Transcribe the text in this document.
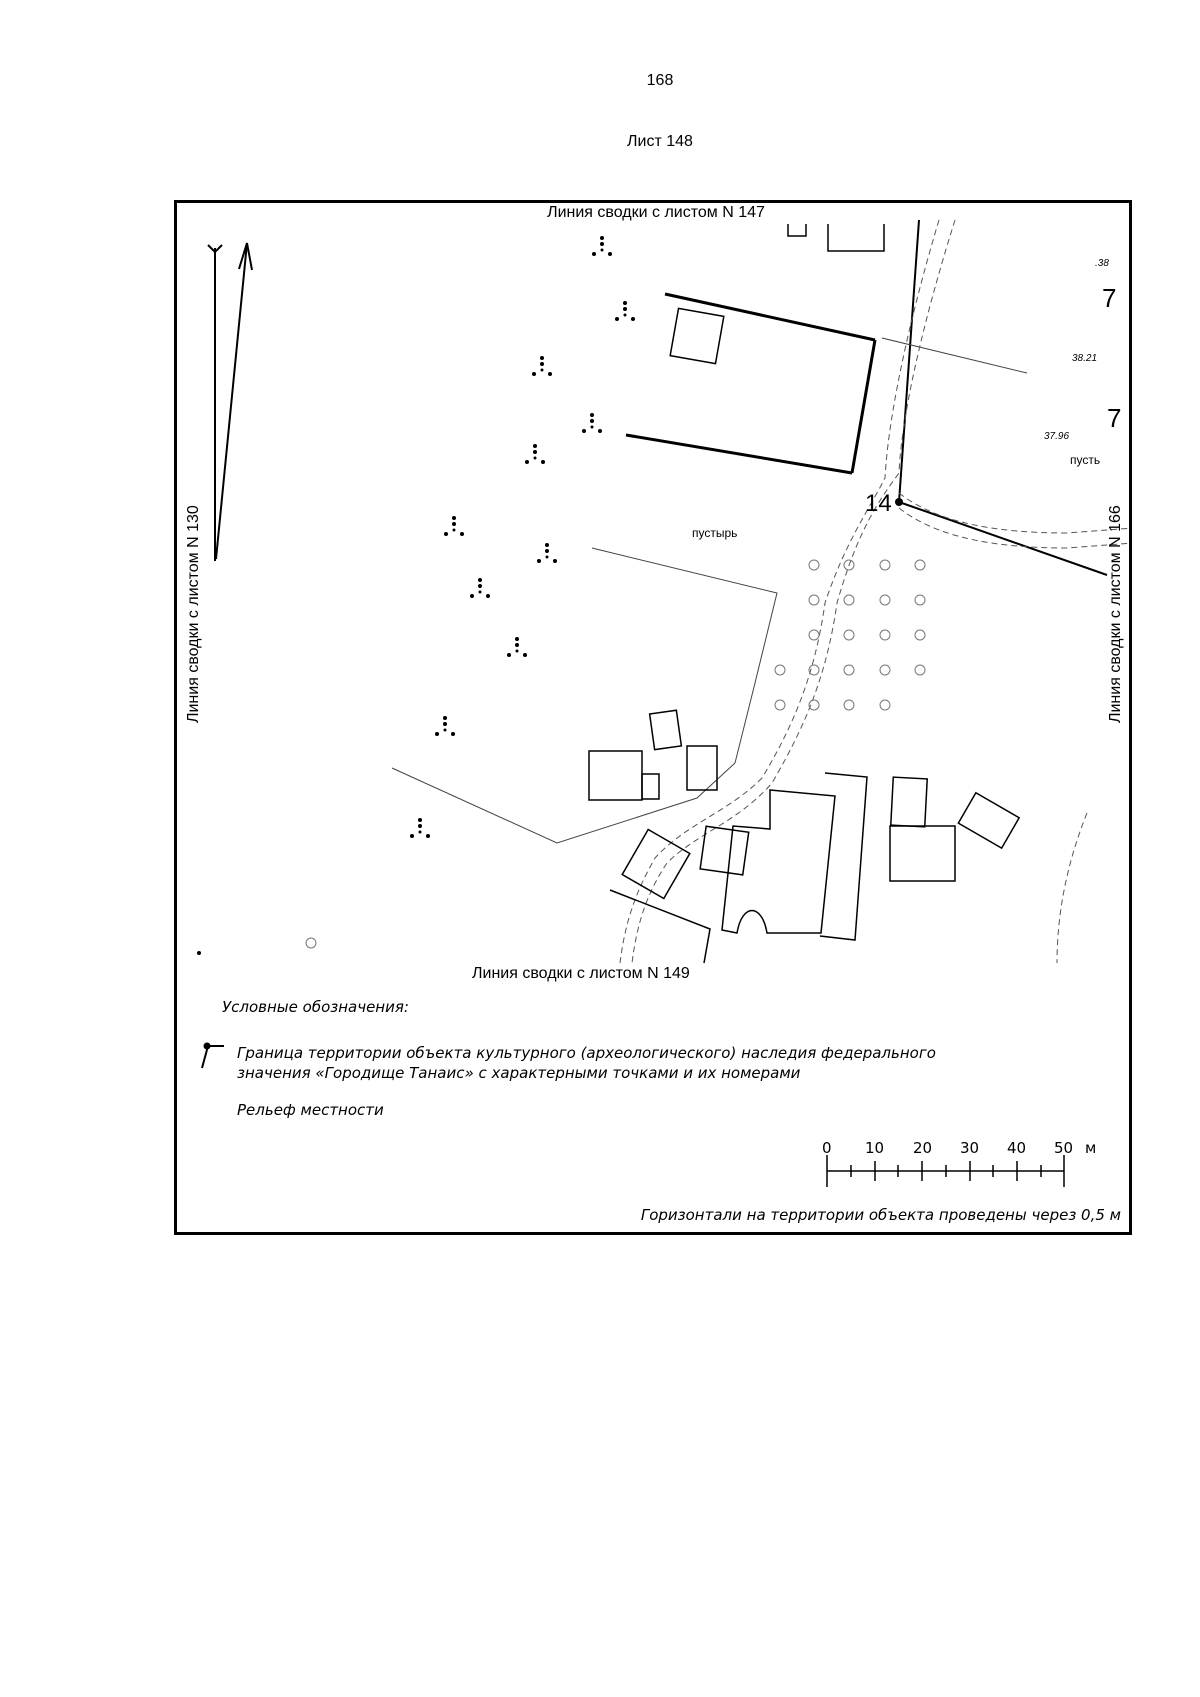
168
Лист 148
0 10 20 30 40 50 м
Линия сводки с листом N 147
Линия сводки с листом N 149
Линия сводки с листом N 130	Линия сводки с листом N 166
пустырь
пусть
14
.38
38.21
37.96
7
7
Условные обозначения:
Граница территории объекта культурного (археологического) наследия федерального
значения «Городище Танаис» с характерными точками и их номерами
Рельеф местности
Горизонтали на территории объекта проведены через 0,5 м
